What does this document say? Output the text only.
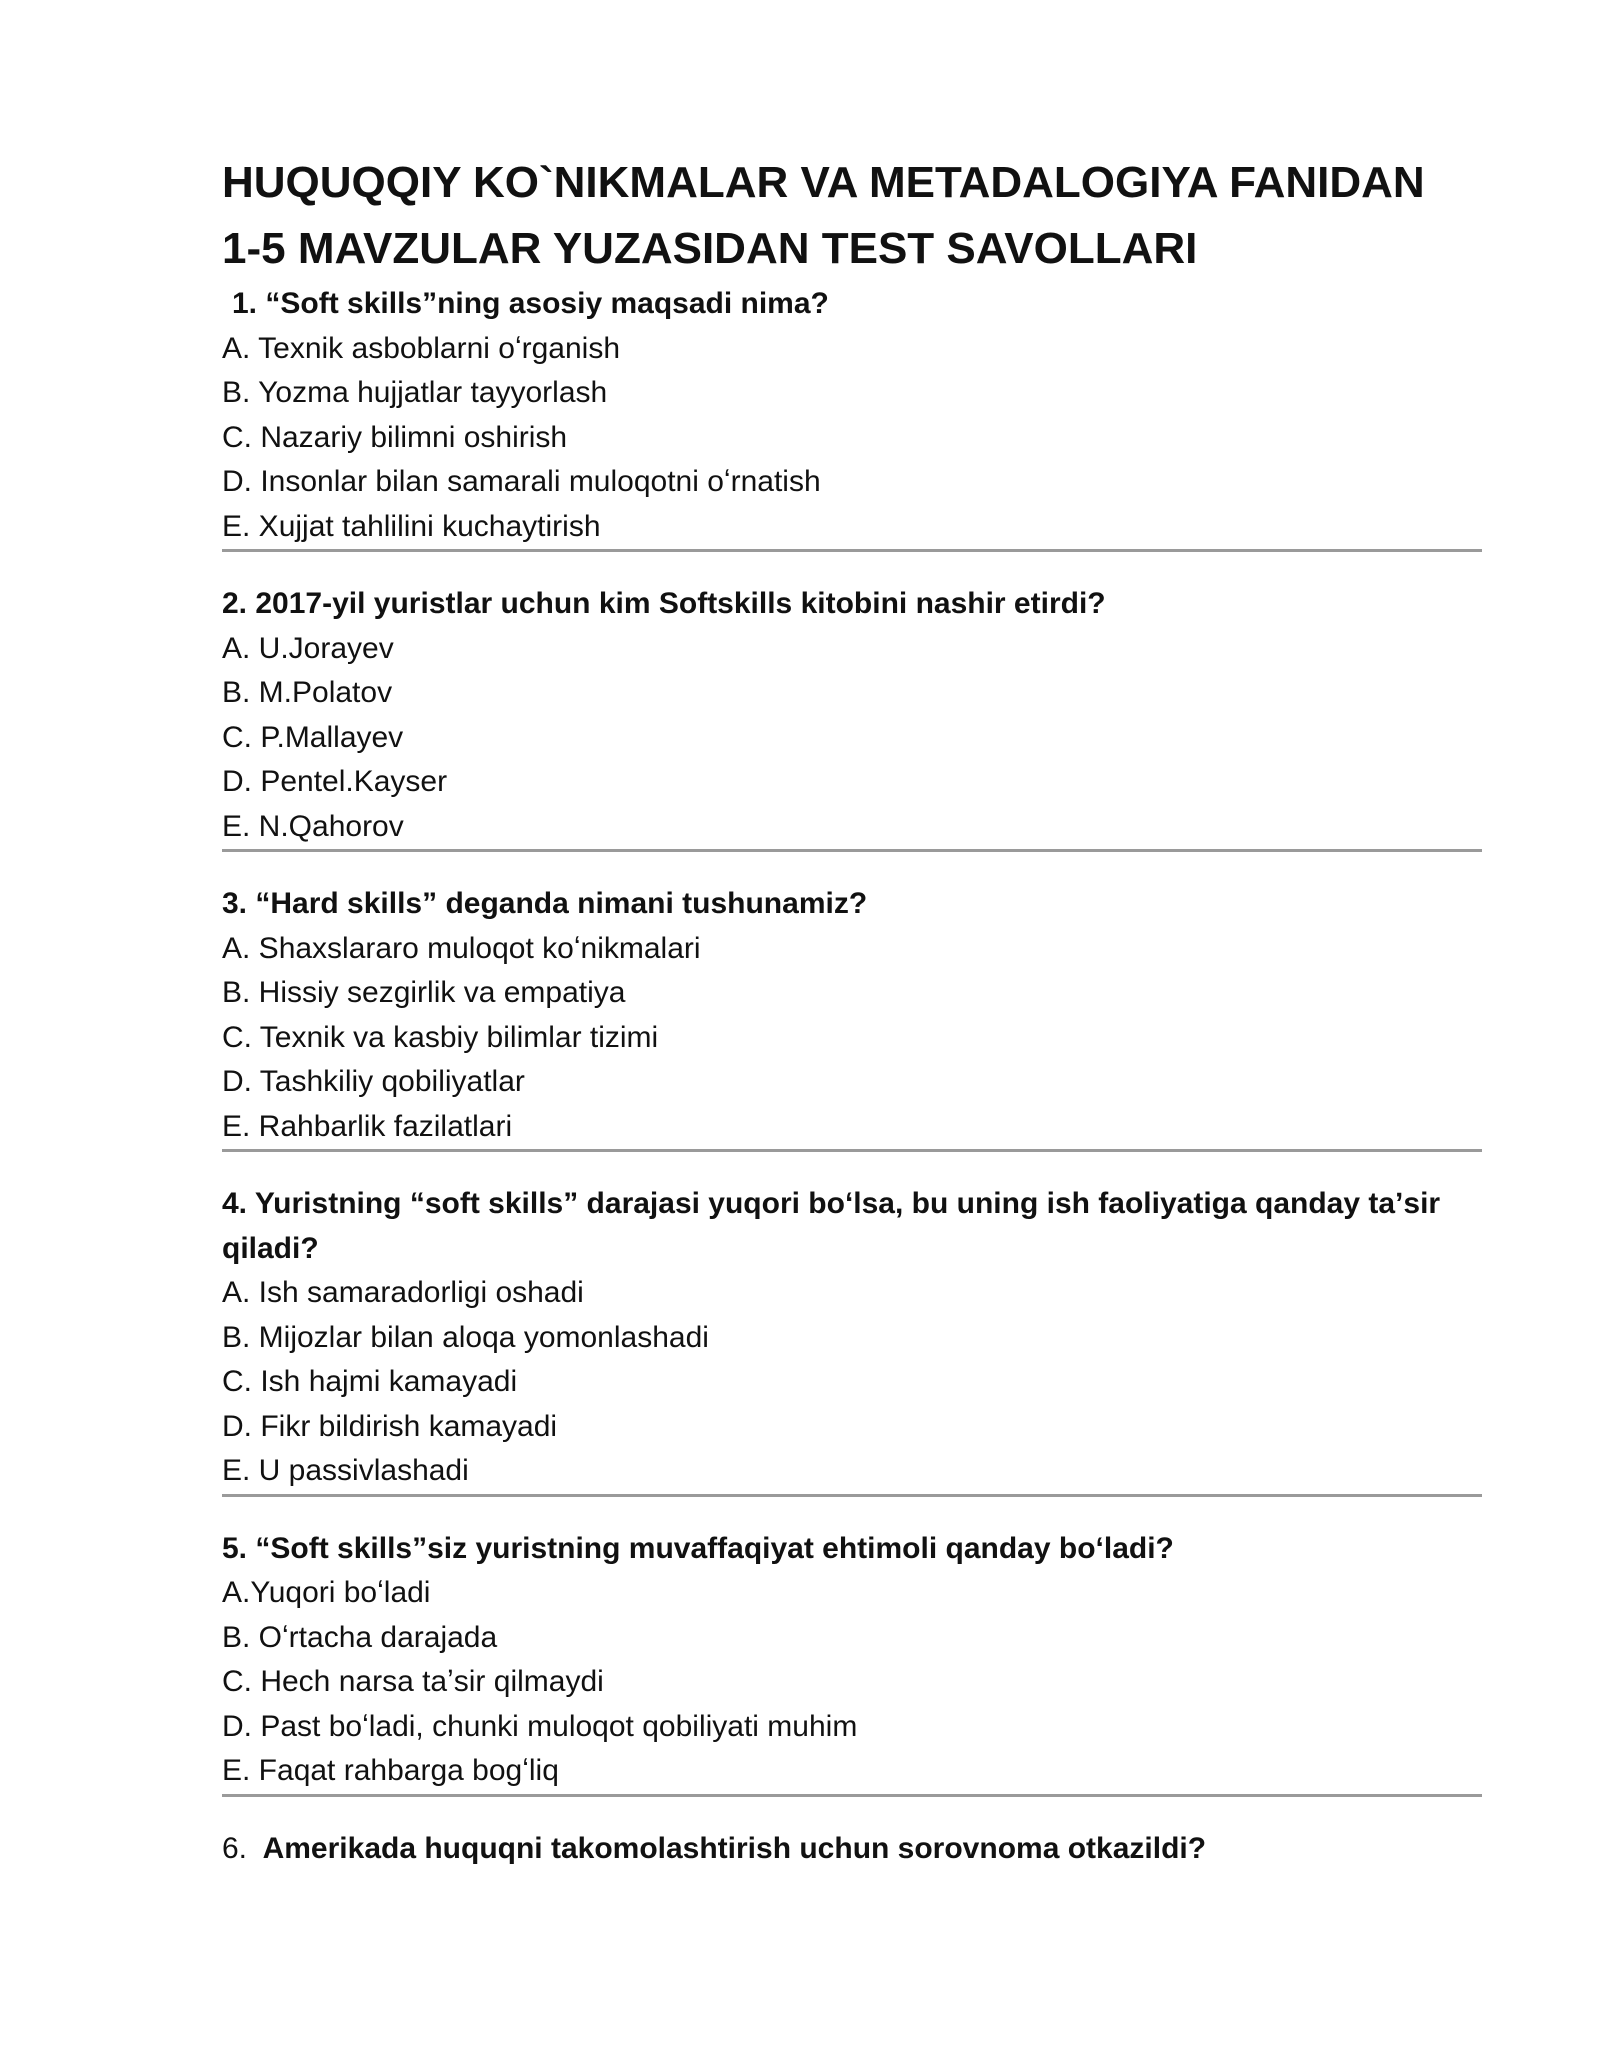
HUQUQQIY KO`NIKMALAR VA METADALOGIYA FANIDAN
1-5 MAVZULAR YUZASIDAN TEST SAVOLLARI

1. “Soft skills”ning asosiy maqsadi nima?

A. Texnik asboblarni oʻrganish

B. Yozma hujjatlar tayyorlash

C. Nazariy bilimni oshirish

D. Insonlar bilan samarali muloqotni oʻrnatish

E. Xujjat tahlilini kuchaytirish

2. 2017-yil yuristlar uchun kim Softskills kitobini nashir etirdi?

A. U.Jorayev

B. M.Polatov

C. P.Mallayev

D. Pentel.Kayser

E. N.Qahorov

3. “Hard skills” deganda nimani tushunamiz?

A. Shaxslararo muloqot koʻnikmalari

B. Hissiy sezgirlik va empatiya

C. Texnik va kasbiy bilimlar tizimi

D. Tashkiliy qobiliyatlar

E. Rahbarlik fazilatlari

4. Yuristning “soft skills” darajasi yuqori boʻlsa, bu uning ish faoliyatiga qanday taʼsir qiladi?

A. Ish samaradorligi oshadi

B. Mijozlar bilan aloqa yomonlashadi

C. Ish hajmi kamayadi

D. Fikr bildirish kamayadi

E. U passivlashadi

5. “Soft skills”siz yuristning muvaffaqiyat ehtimoli qanday boʻladi?

A.Yuqori boʻladi

B. Oʻrtacha darajada

C. Hech narsa taʼsir qilmaydi

D. Past boʻladi, chunki muloqot qobiliyati muhim

E. Faqat rahbarga bogʻliq

6. Amerikada huquqni takomolashtirish uchun sorovnoma otkazildi?
